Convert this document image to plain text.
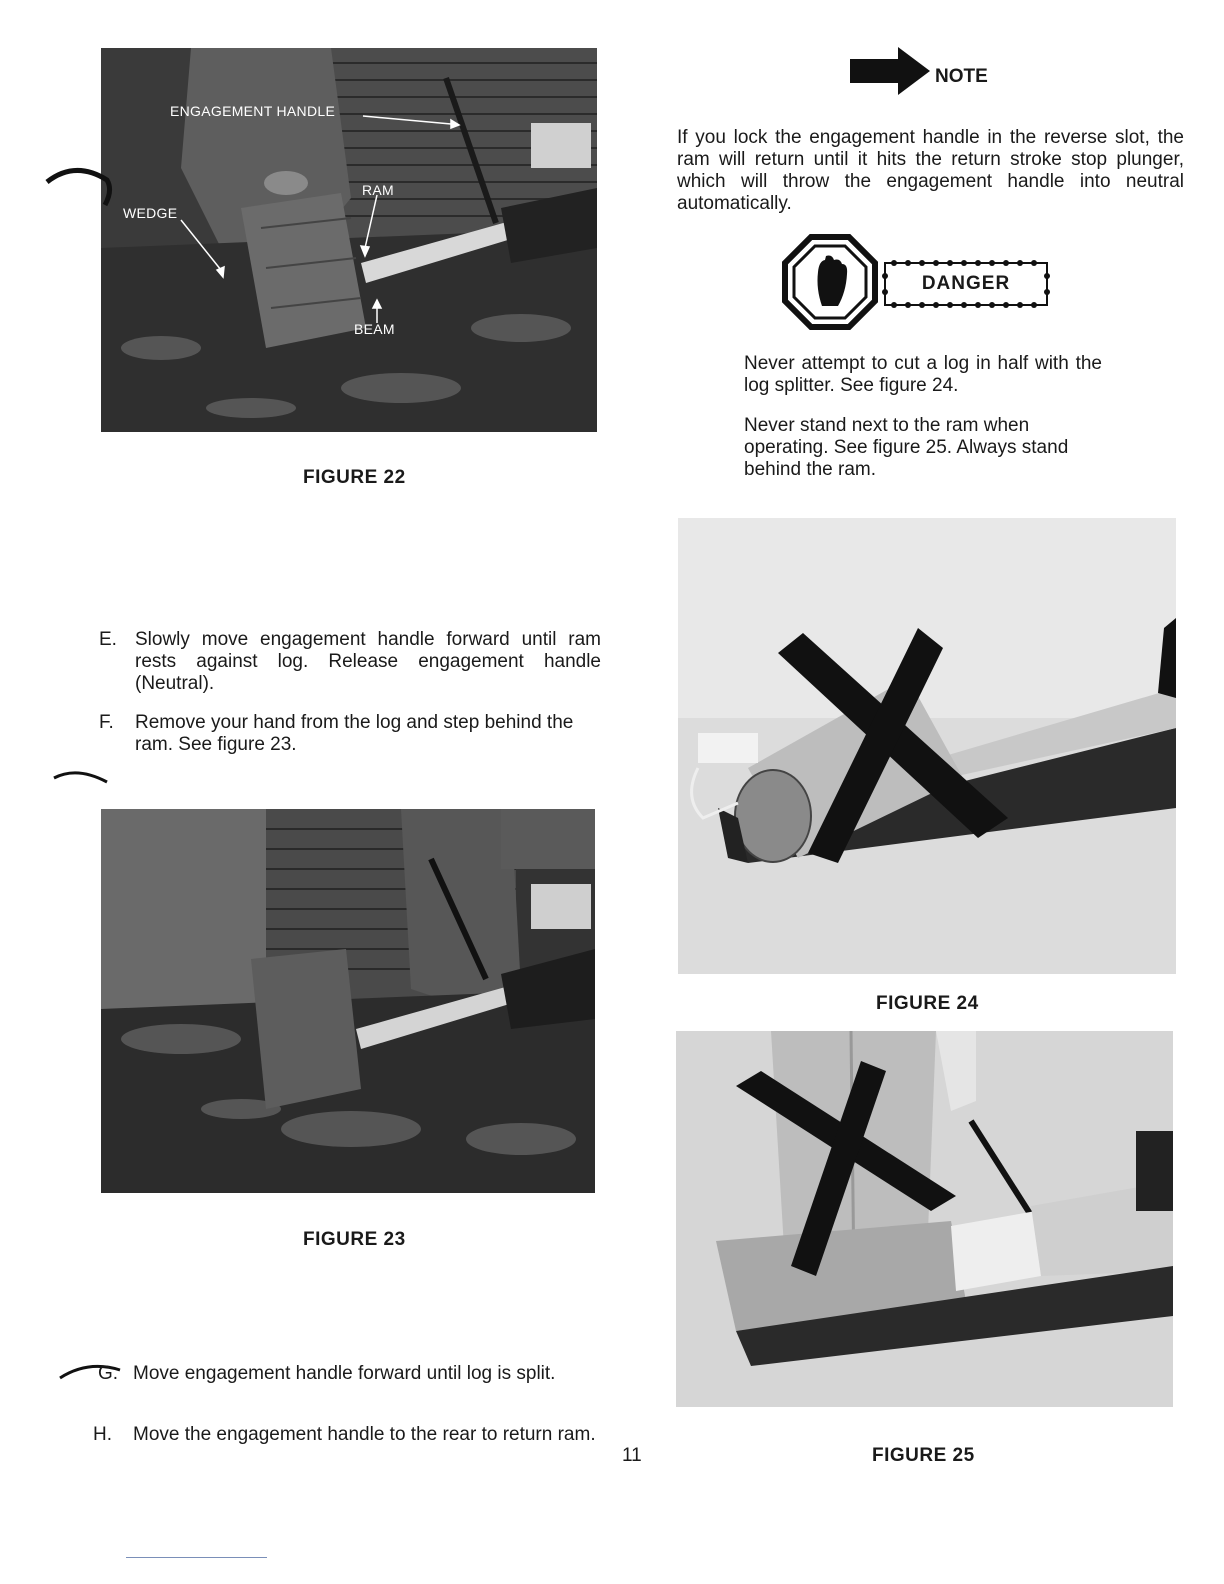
ENGAGEMENT HANDLE
RAM
WEDGE
BEAM
FIGURE 22
NOTE
If you lock the engagement handle in the reverse slot, the ram will return until it hits the return stroke stop plunger, which will throw the engagement handle into neutral automatically.
DANGER
Never attempt to cut a log in half with the log splitter. See figure 24.
Never stand next to the ram when operating. See figure 25. Always stand behind the ram.
FIGURE 24
E. Slowly move engagement handle forward until ram rests against log. Release engagement handle (Neutral).
F. Remove your hand from the log and step behind the ram. See figure 23.
FIGURE 23
FIGURE 25
G. Move engagement handle forward until log is split.
H. Move the engagement handle to the rear to return ram.
11
